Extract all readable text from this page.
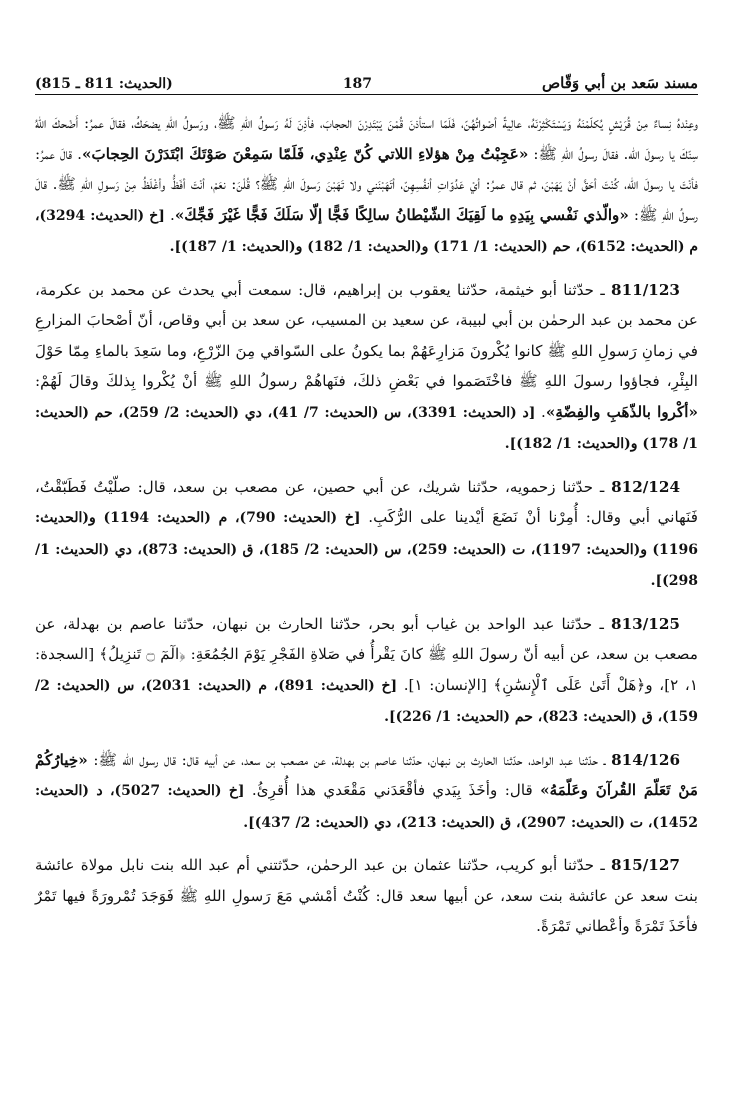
مسند سَعد بن أبي وَقّاص
187
(الحديث: 811 ـ 815)

وعِنْدهُ نِساءٌ مِنْ قُرَيْشٍ يُكلّمْنَهُ وَيَسْتَكْثِرْنَهُ، عالِيةً أصْواتُهُنّ، فَلَمّا استأذنَ قُمْنَ يَبْتَدِرْنَ الحجابَ، فأذِنَ لَهُ رَسولُ اللهِ ﷺ، ورَسولُ اللهِ يضحَكُ، فقالَ عمرُ: أَضْحكَ اللهُ سِنّكَ يا رسولَ الله. فقالَ رسولُ اللهِ ﷺ: «عَجِبْتُ مِنْ هؤلاءِ اللاتي كُنّ عِنْدِي، فَلَمّا سَمِعْنَ صَوْتَكَ ابْتَدَرْنَ الحِجابَ». قالَ عمرُ: فأنْتَ يا رسولَ الله، كُنْتَ أحَقَّ أنْ يَهَبْنَ، ثم قال عمرُ: أيْ عَدُوّاتِ أنفُسِهِنّ، أتَهَبْنَني ولا تَهَبْنَ رَسولَ اللهِ ﷺ؟ قُلْنَ: نعَمْ، أنْتَ أفَظُّ وأغْلَظُ مِنْ رَسولِ اللهِ ﷺ. قالَ رسولُ اللهِ ﷺ: «والّذي نَفْسي بِيَدِهِ ما لَقِيَكَ الشّيْطانُ سالِكًا فَجًّا إلّا سَلَكَ فَجًّا غَيْرَ فَجِّكَ». [خ (الحديث: 3294)، م (الحديث: 6152)، حم (الحديث: 1/ 171) و(الحديث: 1/ 182) و(الحديث: 1/ 187)].

811/123 ـ حدّثنا أبو خيثمة، حدّثنا يعقوب بن إبراهيم، قال: سمعت أبي يحدث عن محمد بن عكرمة، عن محمد بن عبد الرحمٰن بن أبي لبيبة، عن سعيد بن المسيب، عن سعد بن أبي وقاص، أنّ أصْحابَ المزارعِ في زمانِ رَسولِ اللهِ ﷺ كانوا يُكْرونَ مَزارِعَهُمْ بما يكونُ على السّواقي مِنَ الزّرْعِ، وما سَعِدَ بالماءِ مِمّا حَوْلَ البِئْرِ، فجاؤوا رسولَ اللهِ ﷺ فاخْتَصَموا في بَعْضِ ذلكَ، فنَهاهُمْ رسولُ اللهِ ﷺ أنْ يُكْروا بِذلكَ وقالَ لَهُمْ: «أكْروا بالذّهَبِ والفِضّةِ». [د (الحديث: 3391)، س (الحديث: 7/ 41)، دي (الحديث: 2/ 259)، حم (الحديث: 1/ 178) و(الحديث: 1/ 182)].

812/124 ـ حدّثنا زحمويه، حدّثنا شريك، عن أبي حصين، عن مصعب بن سعد، قال: صلّيْتُ فَطَبّقْتُ، فَنَهاني أبي وقال: أُمِرْنا أنْ نَضَعَ أيْدينا على الرُّكَبِ. [خ (الحديث: 790)، م (الحديث: 1194) و(الحديث: 1196) و(الحديث: 1197)، ت (الحديث: 259)، س (الحديث: 2/ 185)، ق (الحديث: 873)، دي (الحديث: 1/ 298)].

813/125 ـ حدّثنا عبد الواحد بن غياب أبو بحر، حدّثنا الحارث بن نبهان، حدّثنا عاصم بن بهدلة، عن مصعب بن سعد، عن أبيه أنّ رسولَ اللهِ ﷺ كانَ يَقْرأُ في صَلاةِ الفَجْرِ يَوْمَ الجُمُعَةِ: ﴿الٓمٓ ۝ تَنزِيلُ﴾ [السجدة: ١، ٢]، و﴿هَلْ أَتَىٰ عَلَى ٱلْإِنسَٰنِ﴾ [الإنسان: ١]. [خ (الحديث: 891)، م (الحديث: 2031)، س (الحديث: 2/ 159)، ق (الحديث: 823)، حم (الحديث: 1/ 226)].

814/126 ـ حدّثنا عبد الواحد، حدّثنا الحارث بن نبهان، حدّثنا عاصم بن بهدلة، عن مصعب بن سعد، عن أبيه قال: قال رسول الله ﷺ: «خِيارُكُمْ مَنْ تَعَلّمَ القُرآنَ وعَلّمَهُ» قال: وأخَذَ بِيَدي فأقْعَدَني مَقْعَدي هذا أُقرِئُ. [خ (الحديث: 5027)، د (الحديث: 1452)، ت (الحديث: 2907)، ق (الحديث: 213)، دي (الحديث: 2/ 437)].

815/127 ـ حدّثنا أبو كريب، حدّثنا عثمان بن عبد الرحمٰن، حدّثتني أم عبد الله بنت نابل مولاة عائشة بنت سعد عن عائشة بنت سعد، عن أبيها سعد قال: كُنْتُ أمْشي مَعَ رَسولِ اللهِ ﷺ فَوَجَدَ تُمْرورَةً فيها تَمْرٌ فأخَذَ تَمْرَةً وأعْطاني تَمْرَةً.
